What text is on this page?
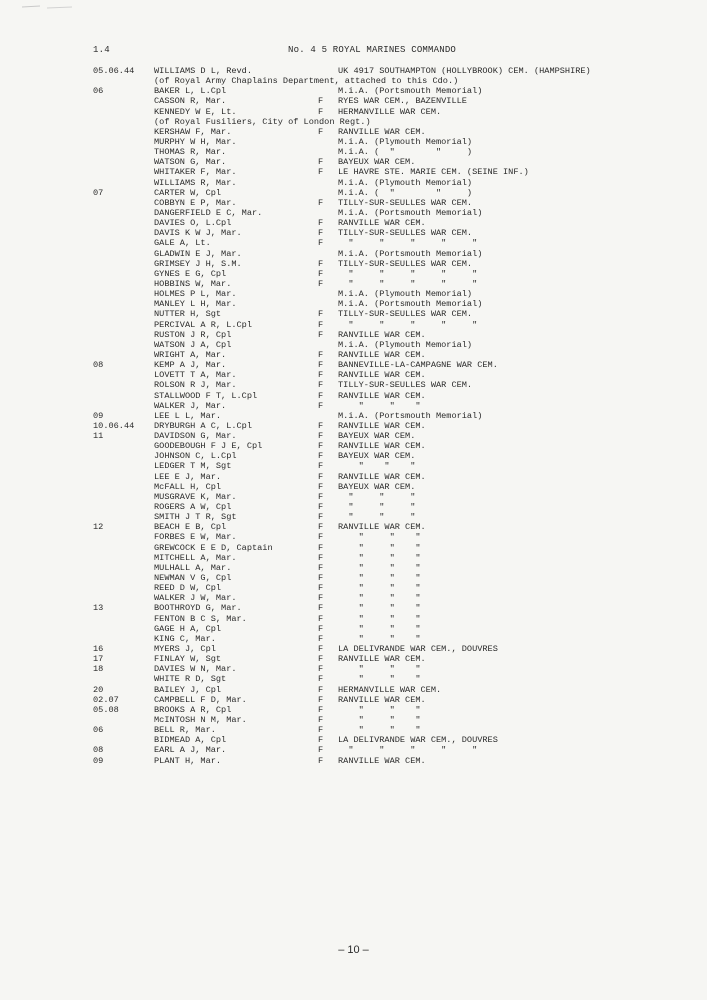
1.4	No. 4 5 ROYAL MARINES COMMANDO
05.06.44 WILLIAMS D L, Revd.	UK 4917 SOUTHAMPTON (HOLLYBROOK) CEM. (HAMPSHIRE)
(of Royal Army Chaplains Department, attached to this Cdo.)
06	BAKER L, L.Cpl	M.i.A. (Portsmouth Memorial)
CASSON R, Mar.	F RYES WAR CEM., BAZENVILLE
KENNEDY W E, Lt.	F HERMANVILLE WAR CEM.
(of Royal Fusiliers, City of London Regt.)
KERSHAW F, Mar.	F RANVILLE WAR CEM.
MURPHY W H, Mar.	M.i.A. (Plymouth Memorial)
THOMAS R, Mar.	M.i.A. (  "        "     )
WATSON G, Mar.	F BAYEUX WAR CEM.
WHITAKER F, Mar.	F LE HAVRE STE. MARIE CEM. (SEINE INF.)
WILLIAMS R, Mar.	M.i.A. (Plymouth Memorial)
07	CARTER W, Cpl	M.i.A. (  "        "     )
COBBYN E P, Mar.	F TILLY-SUR-SEULLES WAR CEM.
DANGERFIELD E C, Mar.	M.i.A. (Portsmouth Memorial)
DAVIES O, L.Cpl	F RANVILLE WAR CEM.
DAVIS K W J, Mar.	F TILLY-SUR-SEULLES WAR CEM.
GALE A, Lt.	F "     "     "     "     "
GLADWIN E J, Mar.	M.i.A. (Portsmouth Memorial)
GRIMSEY J H, S.M.	F TILLY-SUR-SEULLES WAR CEM.
GYNES E G, Cpl	F "     "     "     "     "
HOBBINS W, Mar.	F "     "     "     "     "
HOLMES P L, Mar.	M.i.A. (Plymouth Memorial)
MANLEY L H, Mar.	M.i.A. (Portsmouth Memorial)
NUTTER H, Sgt	F TILLY-SUR-SEULLES WAR CEM.
PERCIVAL A R, L.Cpl	F "     "     "     "     "
RUSTON J R, Cpl	F RANVILLE WAR CEM.
WATSON J A, Cpl	M.i.A. (Plymouth Memorial)
WRIGHT A, Mar.	F RANVILLE WAR CEM.
08	KEMP A J, Mar.	F BANNEVILLE-LA-CAMPAGNE WAR CEM.
LOVETT T A, Mar.	F RANVILLE WAR CEM.
ROLSON R J, Mar.	F TILLY-SUR-SEULLES WAR CEM.
STALLWOOD F T, L.Cpl	F RANVILLE WAR CEM.
WALKER J, Mar.	F "     "    "
09	LEE L L, Mar.	M.i.A. (Portsmouth Memorial)
10.06.44 DRYBURGH A C, L.Cpl	F RANVILLE WAR CEM.
11	DAVIDSON G, Mar.	F BAYEUX WAR CEM.
GOODEBOUGH F J E, Cpl	F RANVILLE WAR CEM.
JOHNSON C, L.Cpl	F BAYEUX WAR CEM.
LEDGER T M, Sgt	F "    "    "
LEE E J, Mar.	F RANVILLE WAR CEM.
McFALL H, Cpl	F BAYEUX WAR CEM.
MUSGRAVE K, Mar.	F "     "     "
ROGERS A W, Cpl	F "     "     "
SMITH J T R, Sgt	F "     "     "
12	BEACH E B, Cpl	F RANVILLE WAR CEM.
FORBES E W, Mar.	F "     "    "
GREWCOCK E E D, Captain	F "     "    "
MITCHELL A, Mar.	F "     "    "
MULHALL A, Mar.	F "     "    "
NEWMAN V G, Cpl	F "     "    "
REED D W, Cpl	F "     "    "
WALKER J W, Mar.	F "     "    "
13	BOOTHROYD G, Mar.	F "     "    "
FENTON B C S, Mar.	F "     "    "
GAGE H A, Cpl	F "     "    "
KING C, Mar.	F "     "    "
16	MYERS J, Cpl	F LA DELIVRANDE WAR CEM., DOUVRES
17	FINLAY W, Sgt	F RANVILLE WAR CEM.
18	DAVIES W N, Mar.	F "     "    "
WHITE R D, Sgt	F "     "    "
20	BAILEY J, Cpl	F HERMANVILLE WAR CEM.
02.07	CAMPBELL F D, Mar.	F RANVILLE WAR CEM.
05.08	BROOKS A R, Cpl	F "     "    "
McINTOSH N M, Mar.	F "     "    "
06	BELL R, Mar.	F "     "    "
BIDMEAD A, Cpl	F LA DELIVRANDE WAR CEM., DOUVRES
08	EARL A J, Mar.	F "     "     "     "     "
09	PLANT H, Mar.	F RANVILLE WAR CEM.
– 10 –
